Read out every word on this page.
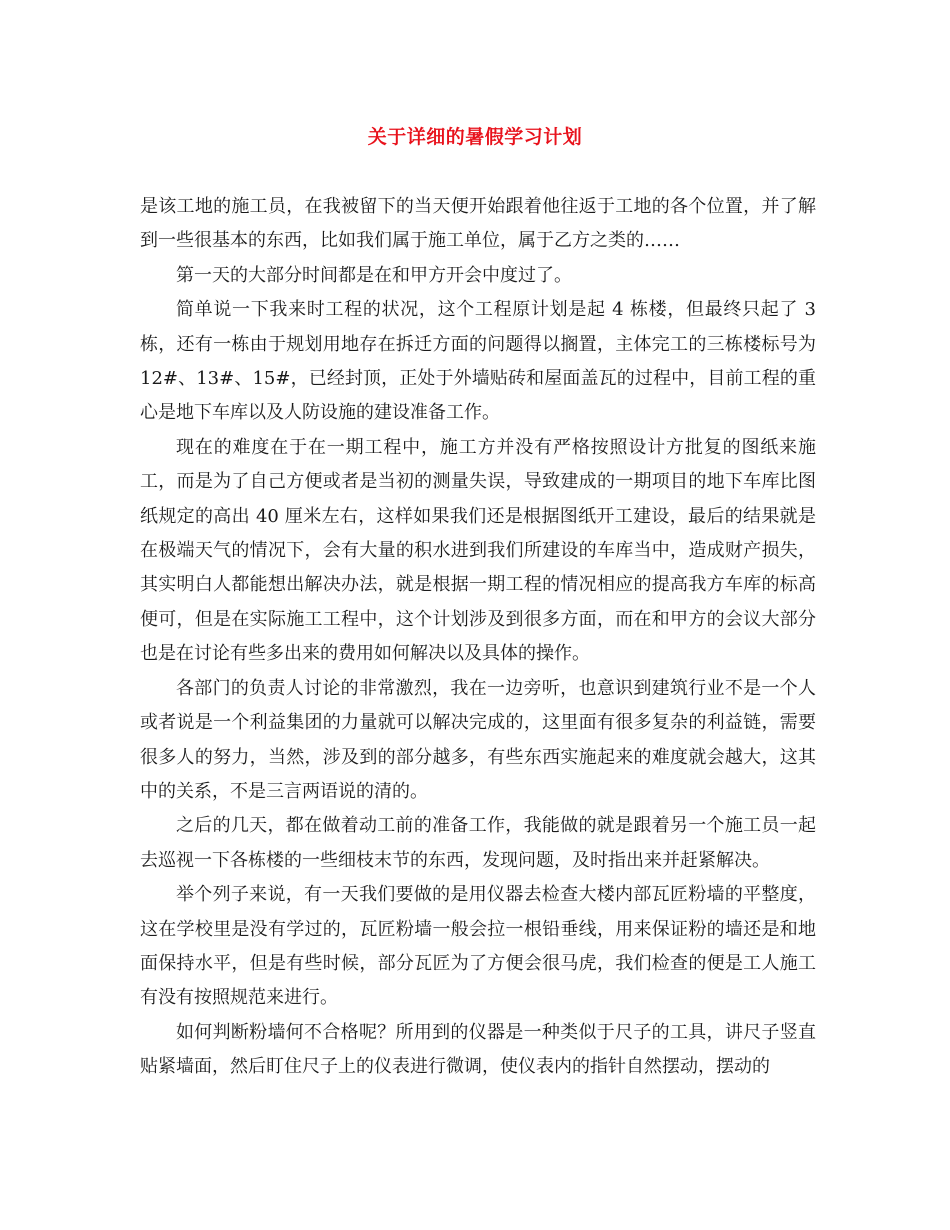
关于详细的暑假学习计划

是该工地的施工员，在我被留下的当天便开始跟着他往返于工地的各个位置，并了解到一些很基本的东西，比如我们属于施工单位，属于乙方之类的……

第一天的大部分时间都是在和甲方开会中度过了。

简单说一下我来时工程的状况，这个工程原计划是起 4 栋楼，但最终只起了 3 栋，还有一栋由于规划用地存在拆迁方面的问题得以搁置，主体完工的三栋楼标号为 12#、13#、15#，已经封顶，正处于外墙贴砖和屋面盖瓦的过程中，目前工程的重心是地下车库以及人防设施的建设准备工作。

现在的难度在于在一期工程中，施工方并没有严格按照设计方批复的图纸来施工，而是为了自己方便或者是当初的测量失误，导致建成的一期项目的地下车库比图纸规定的高出 40 厘米左右，这样如果我们还是根据图纸开工建设，最后的结果就是在极端天气的情况下，会有大量的积水进到我们所建设的车库当中，造成财产损失，其实明白人都能想出解决办法，就是根据一期工程的情况相应的提高我方车库的标高便可，但是在实际施工工程中，这个计划涉及到很多方面，而在和甲方的会议大部分也是在讨论有些多出来的费用如何解决以及具体的操作。

各部门的负责人讨论的非常激烈，我在一边旁听，也意识到建筑行业不是一个人或者说是一个利益集团的力量就可以解决完成的，这里面有很多复杂的利益链，需要很多人的努力，当然，涉及到的部分越多，有些东西实施起来的难度就会越大，这其中的关系，不是三言两语说的清的。

之后的几天，都在做着动工前的准备工作，我能做的就是跟着另一个施工员一起去巡视一下各栋楼的一些细枝末节的东西，发现问题，及时指出来并赶紧解决。

举个列子来说，有一天我们要做的是用仪器去检查大楼内部瓦匠粉墙的平整度，这在学校里是没有学过的，瓦匠粉墙一般会拉一根铅垂线，用来保证粉的墙还是和地面保持水平，但是有些时候，部分瓦匠为了方便会很马虎，我们检查的便是工人施工有没有按照规范来进行。

如何判断粉墙何不合格呢？所用到的仪器是一种类似于尺子的工具，讲尺子竖直贴紧墙面，然后盯住尺子上的仪表进行微调，使仪表内的指针自然摆动，摆动的
